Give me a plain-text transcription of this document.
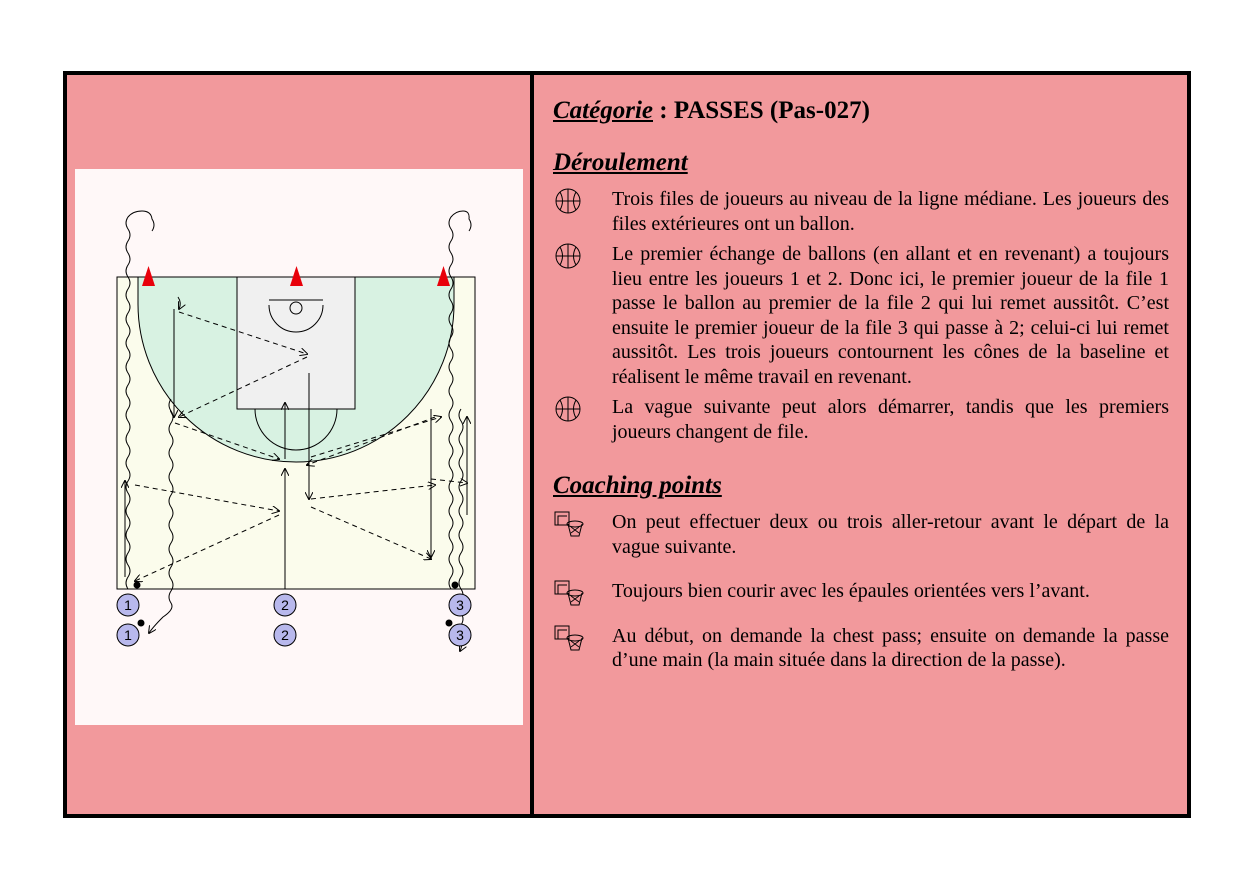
1
1
2
2
3
3

Catégorie : PASSES (Pas-027)

Déroulement

Trois files de joueurs au niveau de la ligne médiane. Les joueurs des files extérieures ont un ballon.

Le premier échange de ballons (en allant et en revenant) a toujours lieu entre les joueurs 1 et 2. Donc ici, le premier joueur de la file 1 passe le ballon au premier de la file 2 qui lui remet aussitôt. C’est ensuite le premier joueur de la file 3 qui passe à 2; celui-ci lui remet aussitôt. Les trois joueurs contournent les cônes de la baseline et réalisent le même travail en revenant.

La vague suivante peut alors démarrer, tandis que les premiers joueurs changent de file.

Coaching points

On peut effectuer deux ou trois aller-retour avant le départ de la vague suivante.

Toujours bien courir avec les épaules orientées vers l’avant.

Au début, on demande la chest pass; ensuite on demande la passe d’une main (la main située dans la direction de la passe).
